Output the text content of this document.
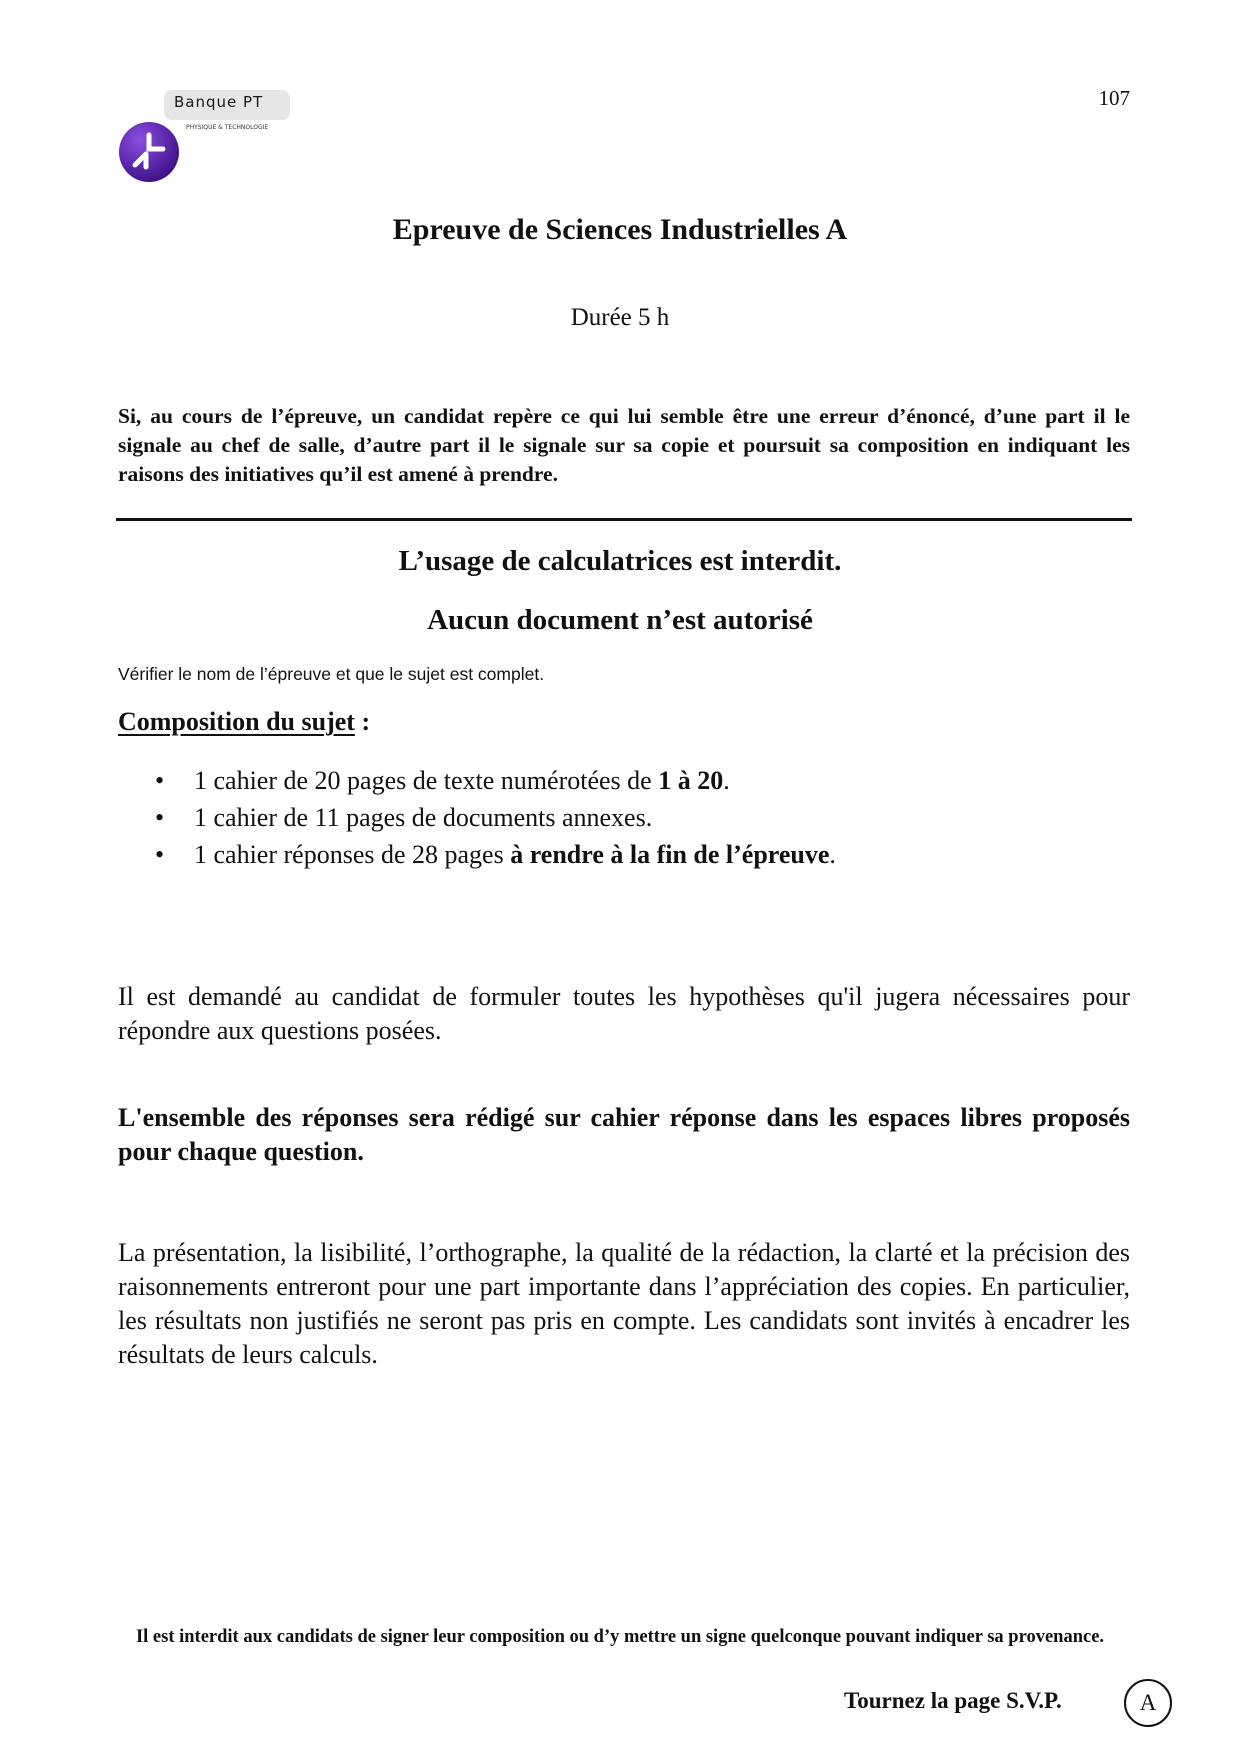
Banque PT
PHYSIQUE & TECHNOLOGIE
107
Epreuve de Sciences Industrielles A
Durée 5 h
Si, au cours de l’épreuve, un candidat repère ce qui lui semble être une erreur d’énoncé, d’une part il le signale au chef de salle, d’autre part il le signale sur sa copie et poursuit sa composition en indiquant les raisons des initiatives qu’il est amené à prendre.
L’usage de calculatrices est interdit.
Aucun document n’est autorisé
Vérifier le nom de l’épreuve et que le sujet est complet.
Composition du sujet :
• 1 cahier de 20 pages de texte numérotées de 1 à 20.
• 1 cahier de 11 pages de documents annexes.
• 1 cahier réponses de 28 pages à rendre à la fin de l’épreuve.
Il est demandé au candidat de formuler toutes les hypothèses qu'il jugera nécessaires pour répondre aux questions posées.
L'ensemble des réponses sera rédigé sur cahier réponse dans les espaces libres proposés pour chaque question.
La présentation, la lisibilité, l’orthographe, la qualité de la rédaction, la clarté et la précision des raisonnements entreront pour une part importante dans l’appréciation des copies. En particulier, les résultats non justifiés ne seront pas pris en compte. Les candidats sont invités à encadrer les résultats de leurs calculs.
Il est interdit aux candidats de signer leur composition ou d’y mettre un signe quelconque pouvant indiquer sa provenance.
Tournez la page S.V.P.	A
